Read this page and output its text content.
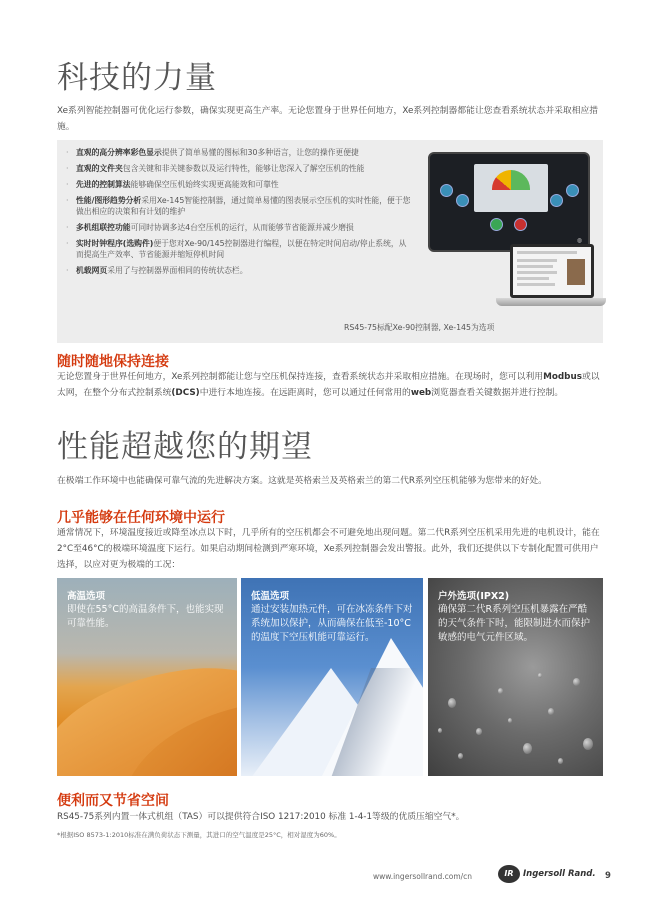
科技的力量
Xe系列智能控制器可优化运行参数，确保实现更高生产率。无论您置身于世界任何地方，Xe系列控制器都能让您查看系统状态并采取相应措施。
· 直观的高分辨率彩色显示提供了简单易懂的图标和30多种语言，让您的操作更便捷
· 直观的文件夹包含关键和非关键参数以及运行特性，能够让您深入了解空压机的性能
· 先进的控制算法能够确保空压机始终实现更高能效和可靠性
· 性能/图形趋势分析采用Xe-145智能控制器，通过简单易懂的图表展示空压机的实时性能，便于您做出相应的决策和有计划的维护
· 多机组联控功能可同时协调多达4台空压机的运行，从而能够节省能源并减少磨损
· 实时时钟程序(选购件)便于您对Xe-90/145控制器进行编程，以便在特定时间启动/停止系统，从而提高生产效率、节省能源并缩短停机时间
· 机载网页采用了与控制器界面相同的传统状态栏。
◍
RS45-75标配Xe-90控制器, Xe-145为选项
随时随地保持连接
无论您置身于世界任何地方，Xe系列控制都能让您与空压机保持连接，查看系统状态并采取相应措施。在现场时，您可以利用Modbus或以太网，在整个分布式控制系统(DCS)中进行本地连接。在远距离时，您可以通过任何常用的web浏览器查看关键数据并进行控制。
性能超越您的期望
在极端工作环境中也能确保可靠气流的先进解决方案。这就是英格索兰及英格索兰的第二代R系列空压机能够为您带来的好处。
几乎能够在任何环境中运行
通常情况下，环境温度接近或降至冰点以下时，几乎所有的空压机都会不可避免地出现问题。第二代R系列空压机采用先进的电机设计，能在2°C至46°C的极端环境温度下运行。如果启动期间检测到严寒环境，Xe系列控制器会发出警报。此外，我们还提供以下专制化配置可供用户选择，以应对更为极端的工况：
高温选项
即使在55°C的高温条件下，也能实现可靠性能。
低温选项
通过安装加热元件，可在冰冻条件下对系统加以保护，从而确保在低至-10°C的温度下空压机能可靠运行。
户外选项(IPX2)
确保第二代R系列空压机暴露在严酷的天气条件下时，能限制进水而保护敏感的电气元件区域。
便利而又节省空间
RS45-75系列内置一体式机组（TAS）可以提供符合ISO 1217:2010 标准 1-4-1等级的优质压缩空气*。
*根据ISO 8573-1:2010标准在满负荷状态下测量，其进口的空气温度是25°C，相对湿度为60%。
www.ingersollrand.com/cn	IR	Ingersoll Rand. 9
